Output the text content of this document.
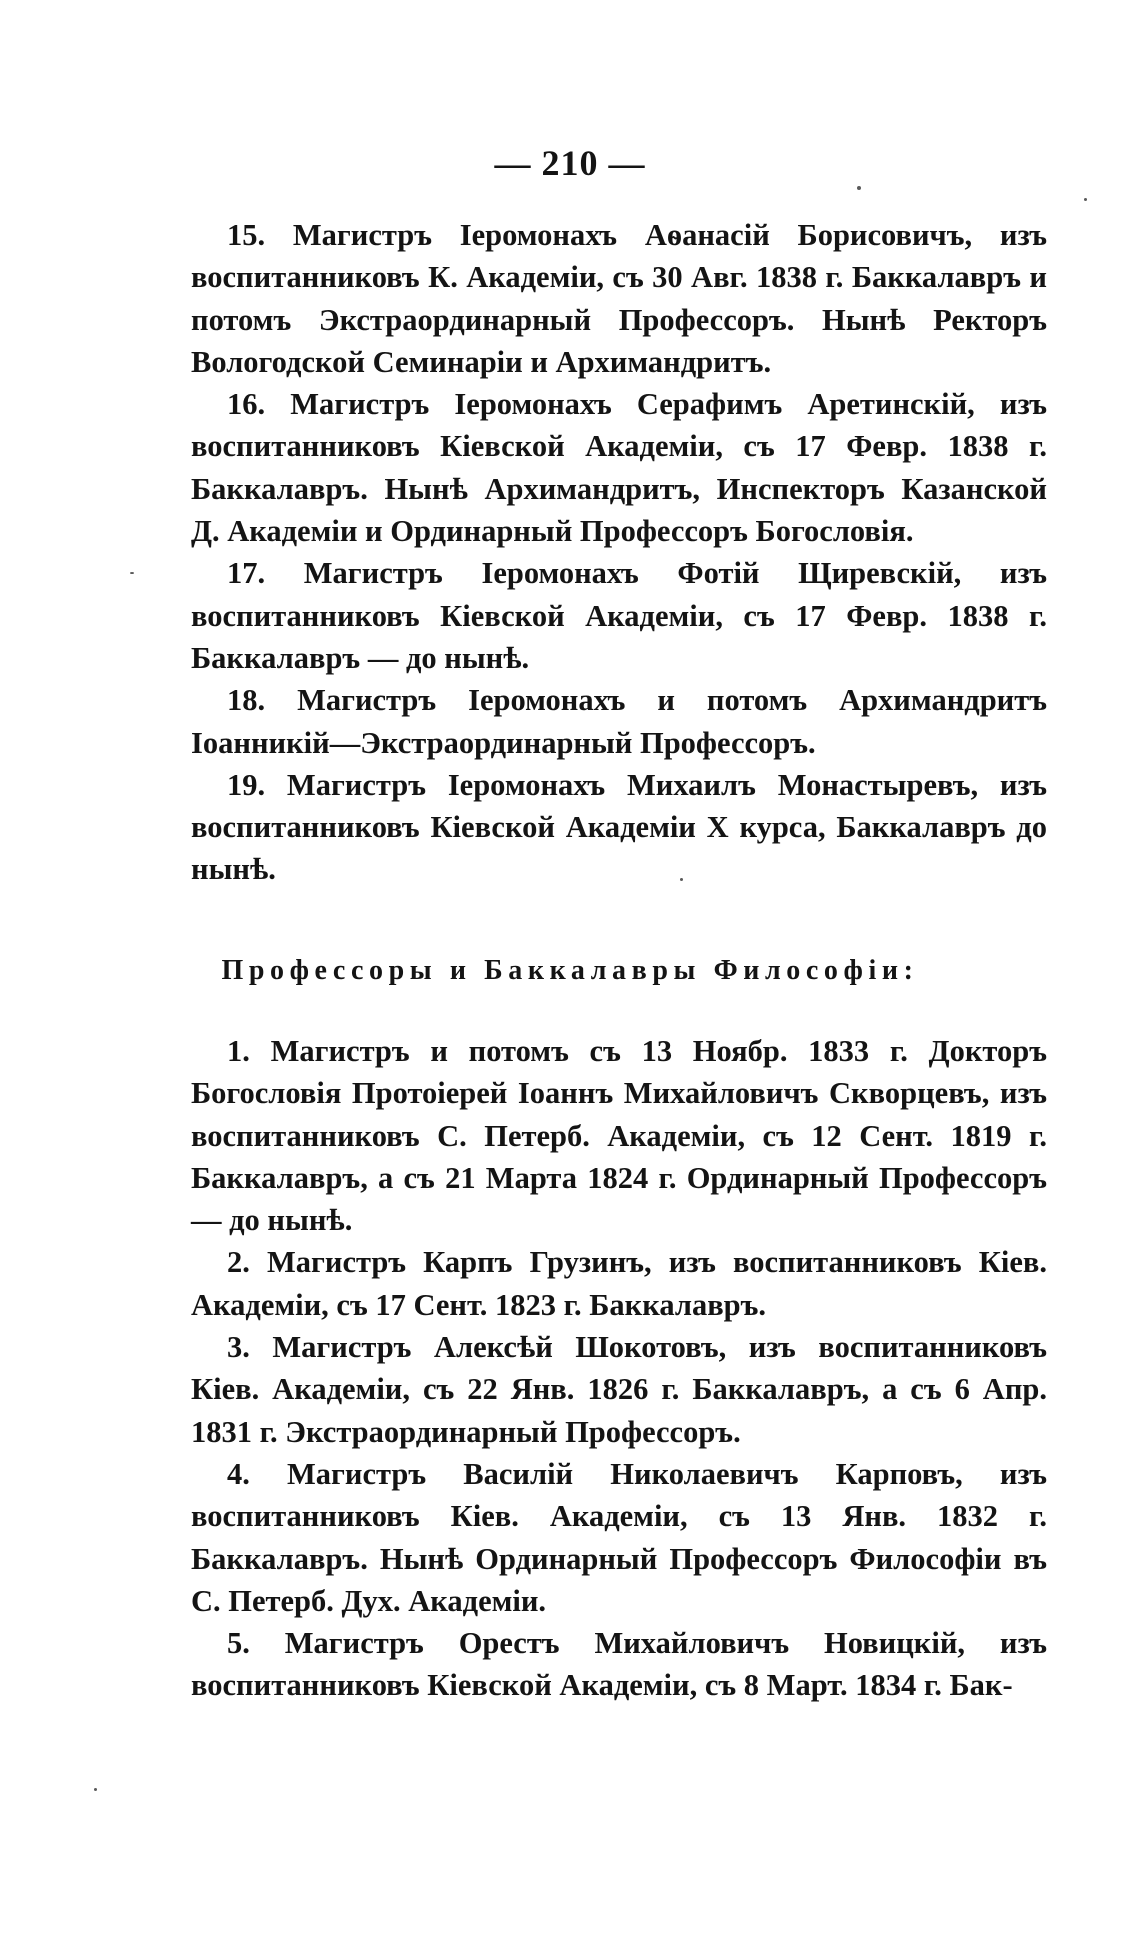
— 210 —

15. Магистръ Іеромонахъ Аѳанасій Борисовичъ, изъ воспитанниковъ К. Академіи, съ 30 Авг. 1838 г. Баккалавръ и потомъ Экстраординарный Профессоръ. Нынѣ Ректоръ Вологодской Семинаріи и Архимандритъ.

16. Магистръ Іеромонахъ Серафимъ Аретинскій, изъ воспитанниковъ Кіевской Академіи, съ 17 Февр. 1838 г. Баккалавръ. Нынѣ Архимандритъ, Инспекторъ Казанской Д. Академіи и Ординарный Профессоръ Богословія.

17. Магистръ Іеромонахъ Фотій Щиревскій, изъ воспитанниковъ Кіевской Академіи, съ 17 Февр. 1838 г. Баккалавръ — до нынѣ.

18. Магистръ Іеромонахъ и потомъ Архимандритъ Іоанникій—Экстраординарный Профессоръ.

19. Магистръ Іеромонахъ Михаилъ Монастыревъ, изъ воспитанниковъ Кіевской Академіи X курса, Баккалавръ до нынѣ.

Профессоры и Баккалавры Философіи:

1. Магистръ и потомъ съ 13 Ноябр. 1833 г. Докторъ Богословія Протоіерей Іоаннъ Михайловичъ Скворцевъ, изъ воспитанниковъ С. Петерб. Академіи, съ 12 Сент. 1819 г. Баккалавръ, а съ 21 Марта 1824 г. Ординарный Профессоръ — до нынѣ.

2. Магистръ Карпъ Грузинъ, изъ воспитанниковъ Кіев. Академіи, съ 17 Сент. 1823 г. Баккалавръ.

3. Магистръ Алексѣй Шокотовъ, изъ воспитанниковъ Кіев. Академіи, съ 22 Янв. 1826 г. Баккалавръ, а съ 6 Апр. 1831 г. Экстраординарный Профессоръ.

4. Магистръ Василій Николаевичъ Карповъ, изъ воспитанниковъ Кіев. Академіи, съ 13 Янв. 1832 г. Баккалавръ. Нынѣ Ординарный Профессоръ Философіи въ С. Петерб. Дух. Академіи.

5. Магистръ Орестъ Михайловичъ Новицкій, изъ воспитанниковъ Кіевской Академіи, съ 8 Март. 1834 г. Бак-
